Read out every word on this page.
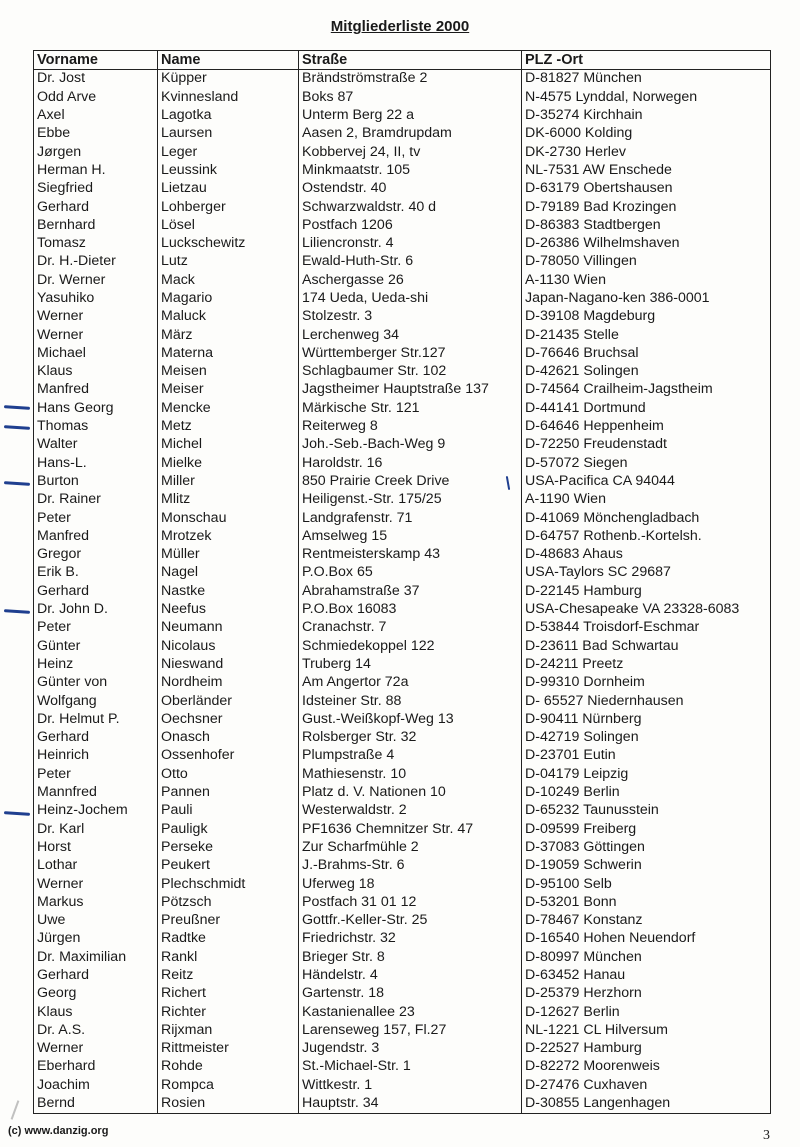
Mitgliederliste 2000
Vorname	Name	Straße	PLZ -Ort
Dr. Jost	Küpper	Brändströmstraße 2	D-81827 München
Odd Arve	Kvinnesland	Boks 87	N-4575 Lynddal, Norwegen
Axel	Lagotka	Unterm Berg 22 a	D-35274 Kirchhain
Ebbe	Laursen	Aasen 2, Bramdrupdam	DK-6000 Kolding
Jørgen	Leger	Kobbervej 24, II, tv	DK-2730 Herlev
Herman H.	Leussink	Minkmaatstr. 105	NL-7531 AW Enschede
Siegfried	Lietzau	Ostendstr. 40	D-63179 Obertshausen
Gerhard	Lohberger	Schwarzwaldstr. 40 d	D-79189 Bad Krozingen
Bernhard	Lösel	Postfach 1206	D-86383 Stadtbergen
Tomasz	Luckschewitz	Liliencronstr. 4	D-26386 Wilhelmshaven
Dr. H.-Dieter	Lutz	Ewald-Huth-Str. 6	D-78050 Villingen
Dr. Werner	Mack	Aschergasse 26	A-1130 Wien
Yasuhiko	Magario	174 Ueda, Ueda-shi	Japan-Nagano-ken 386-0001
Werner	Maluck	Stolzestr. 3	D-39108 Magdeburg
Werner	März	Lerchenweg 34	D-21435 Stelle
Michael	Materna	Württemberger Str.127	D-76646 Bruchsal
Klaus	Meisen	Schlagbaumer Str. 102	D-42621 Solingen
Manfred	Meiser	Jagstheimer Hauptstraße 137	D-74564 Crailheim-Jagstheim
Hans Georg	Mencke	Märkische Str. 121	D-44141 Dortmund
Thomas	Metz	Reiterweg 8	D-64646 Heppenheim
Walter	Michel	Joh.-Seb.-Bach-Weg 9	D-72250 Freudenstadt
Hans-L.	Mielke	Haroldstr. 16	D-57072 Siegen
Burton	Miller	850 Prairie Creek Drive	USA-Pacifica CA 94044
Dr. Rainer	Mlitz	Heiligenst.-Str. 175/25	A-1190 Wien
Peter	Monschau	Landgrafenstr. 71	D-41069 Mönchengladbach
Manfred	Mrotzek	Amselweg 15	D-64757 Rothenb.-Kortelsh.
Gregor	Müller	Rentmeisterskamp 43	D-48683 Ahaus
Erik B.	Nagel	P.O.Box 65	USA-Taylors SC 29687
Gerhard	Nastke	Abrahamstraße 37	D-22145 Hamburg
Dr. John D.	Neefus	P.O.Box 16083	USA-Chesapeake VA 23328-6083
Peter	Neumann	Cranachstr. 7	D-53844 Troisdorf-Eschmar
Günter	Nicolaus	Schmiedekoppel 122	D-23611 Bad Schwartau
Heinz	Nieswand	Truberg 14	D-24211 Preetz
Günter von	Nordheim	Am Angertor 72a	D-99310 Dornheim
Wolfgang	Oberländer	Idsteiner Str. 88	D- 65527 Niedernhausen
Dr. Helmut P.	Oechsner	Gust.-Weißkopf-Weg 13	D-90411 Nürnberg
Gerhard	Onasch	Rolsberger Str. 32	D-42719 Solingen
Heinrich	Ossenhofer	Plumpstraße 4	D-23701 Eutin
Peter	Otto	Mathiesenstr. 10	D-04179 Leipzig
Mannfred	Pannen	Platz d. V. Nationen 10	D-10249 Berlin
Heinz-Jochem	Pauli	Westerwaldstr. 2	D-65232 Taunusstein
Dr. Karl	Pauligk	PF1636 Chemnitzer Str. 47	D-09599 Freiberg
Horst	Perseke	Zur Scharfmühle 2	D-37083 Göttingen
Lothar	Peukert	J.-Brahms-Str. 6	D-19059 Schwerin
Werner	Plechschmidt	Uferweg 18	D-95100 Selb
Markus	Pötzsch	Postfach 31 01 12	D-53201 Bonn
Uwe	Preußner	Gottfr.-Keller-Str. 25	D-78467 Konstanz
Jürgen	Radtke	Friedrichstr. 32	D-16540 Hohen Neuendorf
Dr. Maximilian	Rankl	Brieger Str. 8	D-80997 München
Gerhard	Reitz	Händelstr. 4	D-63452 Hanau
Georg	Richert	Gartenstr. 18	D-25379 Herzhorn
Klaus	Richter	Kastanienallee 23	D-12627 Berlin
Dr. A.S.	Rijxman	Larenseweg 157, Fl.27	NL-1221 CL Hilversum
Werner	Rittmeister	Jugendstr. 3	D-22527 Hamburg
Eberhard	Rohde	St.-Michael-Str. 1	D-82272 Moorenweis
Joachim	Rompca	Wittkestr. 1	D-27476 Cuxhaven
Bernd	Rosien	Hauptstr. 34	D-30855 Langenhagen
(c) www.danzig.org	3
